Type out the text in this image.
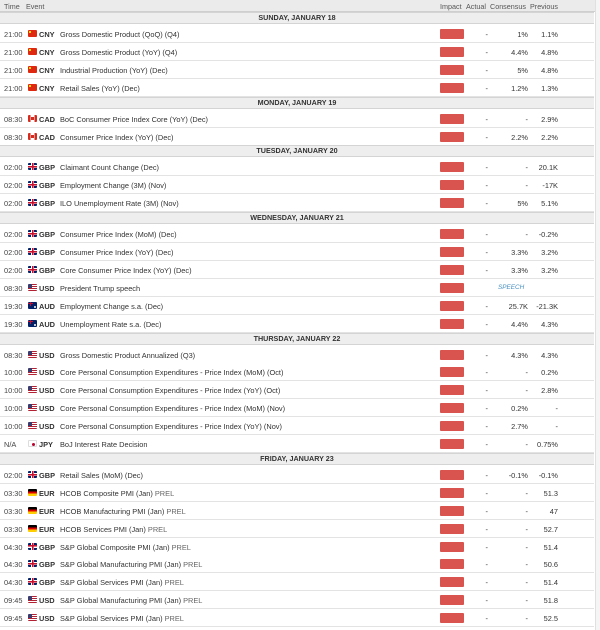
Time Event	Impact Actual Consensus Previous
SUNDAY, JANUARY 18
21:00 CNY Gross Domestic Product (QoQ) (Q4)	-	1% 1.1%
21:00 CNY Gross Domestic Product (YoY) (Q4)	-	4.4% 4.8%
21:00 CNY Industrial Production (YoY) (Dec)	-	5% 4.8%
21:00 CNY Retail Sales (YoY) (Dec)	-	1.2% 1.3%
MONDAY, JANUARY 19
08:30 CAD BoC Consumer Price Index Core (YoY) (Dec)	-	- 2.9%
08:30 CAD Consumer Price Index (YoY) (Dec)	-	2.2% 2.2%
TUESDAY, JANUARY 20
02:00 GBP Claimant Count Change (Dec)	-	- 20.1K
02:00 GBP Employment Change (3M) (Nov)	-	- -17K
02:00 GBP ILO Unemployment Rate (3M) (Nov)	-	5% 5.1%
WEDNESDAY, JANUARY 21
02:00 GBP Consumer Price Index (MoM) (Dec)	-	- -0.2%
02:00 GBP Consumer Price Index (YoY) (Dec)	-	3.3% 3.2%
02:00 GBP Core Consumer Price Index (YoY) (Dec)	-	3.3% 3.2%
08:30 USD President Trump speech	SPEECH
19:30 AUD Employment Change s.a. (Dec)	-	25.7K -21.3K
19:30 AUD Unemployment Rate s.a. (Dec)	-	4.4% 4.3%
THURSDAY, JANUARY 22
08:30 USD Gross Domestic Product Annualized (Q3)	-	4.3% 4.3%
10:00 USD Core Personal Consumption Expenditures - Price Index (MoM) (Oct)	-	- 0.2%
10:00 USD Core Personal Consumption Expenditures - Price Index (YoY) (Oct)	-	- 2.8%
10:00 USD Core Personal Consumption Expenditures - Price Index (MoM) (Nov)	-	0.2%	-
10:00 USD Core Personal Consumption Expenditures - Price Index (YoY) (Nov)	-	2.7%	-
N/A	JPY BoJ Interest Rate Decision	-	- 0.75%
FRIDAY, JANUARY 23
02:00 GBP Retail Sales (MoM) (Dec)	-	-0.1% -0.1%
03:30 EUR HCOB Composite PMI (Jan) PREL	-	- 51.3
03:30 EUR HCOB Manufacturing PMI (Jan) PREL	-	-	47
03:30 EUR HCOB Services PMI (Jan) PREL	-	- 52.7
04:30 GBP S&P Global Composite PMI (Jan) PREL	-	- 51.4
04:30 GBP S&P Global Manufacturing PMI (Jan) PREL	-	- 50.6
04:30 GBP S&P Global Services PMI (Jan) PREL	-	- 51.4
09:45 USD S&P Global Manufacturing PMI (Jan) PREL	-	- 51.8
09:45 USD S&P Global Services PMI (Jan) PREL	-	- 52.5
